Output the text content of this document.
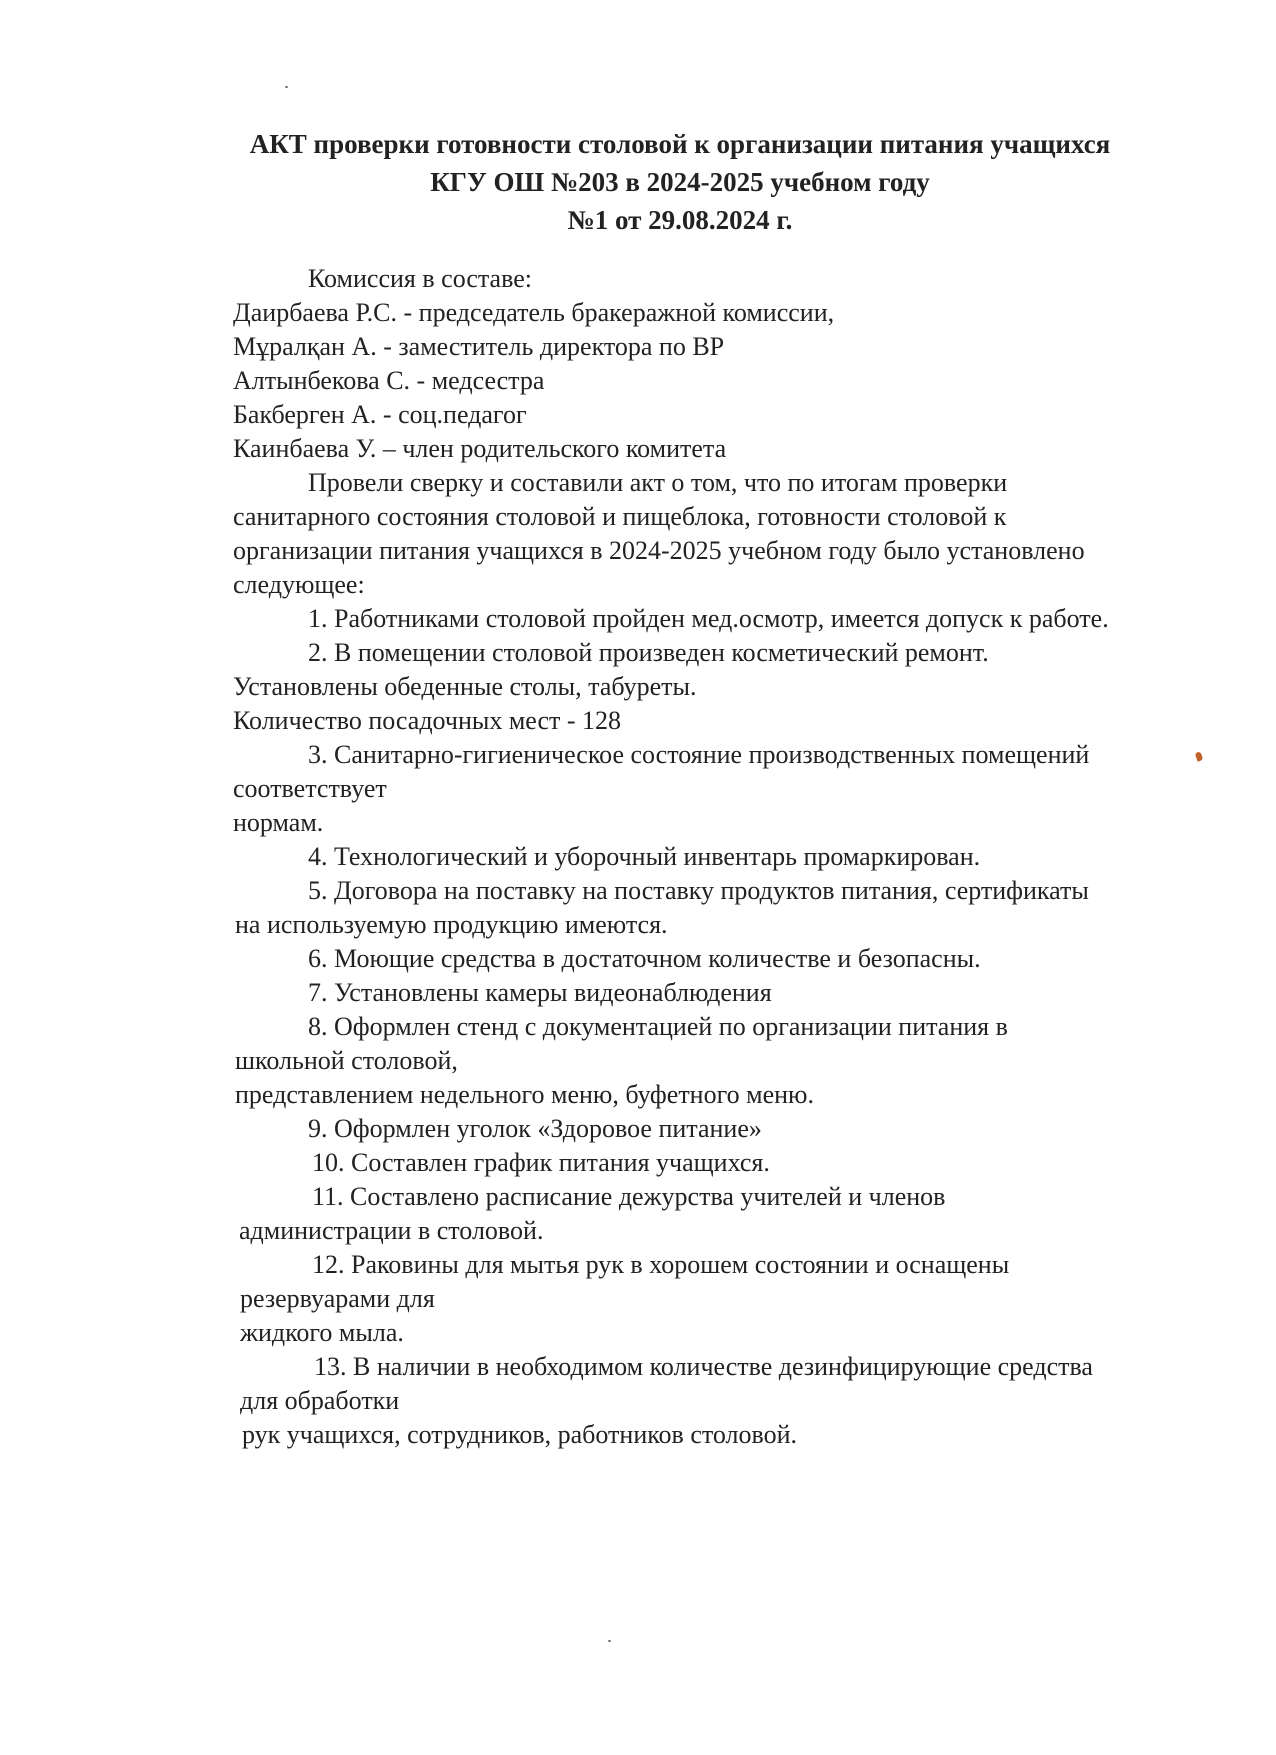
АКТ проверки готовности столовой к организации питания учащихся
КГУ ОШ №203 в 2024-2025 учебном году
№1 от 29.08.2024 г.
Комиссия в составе:
Даирбаева Р.С. - председатель бракеражной комиссии,
Мұралқан А. - заместитель директора по ВР
Алтынбекова С. - медсестра
Бакберген А. - соц.педагог
Каинбаева У. – член родительского комитета
Провели сверку и составили акт о том, что по итогам проверки
санитарного состояния столовой и пищеблока, готовности столовой к
организации питания учащихся в 2024-2025 учебном году было установлено
следующее:
1. Работниками столовой пройден мед.осмотр, имеется допуск к работе.
2. В помещении столовой произведен косметический ремонт.
Установлены обеденные столы, табуреты.
Количество посадочных мест - 128
3. Санитарно-гигиеническое состояние производственных помещений
соответствует
нормам.
4. Технологический и уборочный инвентарь промаркирован.
5. Договора на поставку на поставку продуктов питания, сертификаты
на используемую продукцию имеются.
6. Моющие средства в достаточном количестве и безопасны.
7. Установлены камеры видеонаблюдения
8. Оформлен стенд с документацией по организации питания в
школьной столовой,
представлением недельного меню, буфетного меню.
9. Оформлен уголок «Здоровое питание»
10. Составлен график питания учащихся.
11. Составлено расписание дежурства учителей и членов
администрации в столовой.
12. Раковины для мытья рук в хорошем состоянии и оснащены
резервуарами для
жидкого мыла.
13. В наличии в необходимом количестве дезинфицирующие средства
для обработки
рук учащихся, сотрудников, работников столовой.
